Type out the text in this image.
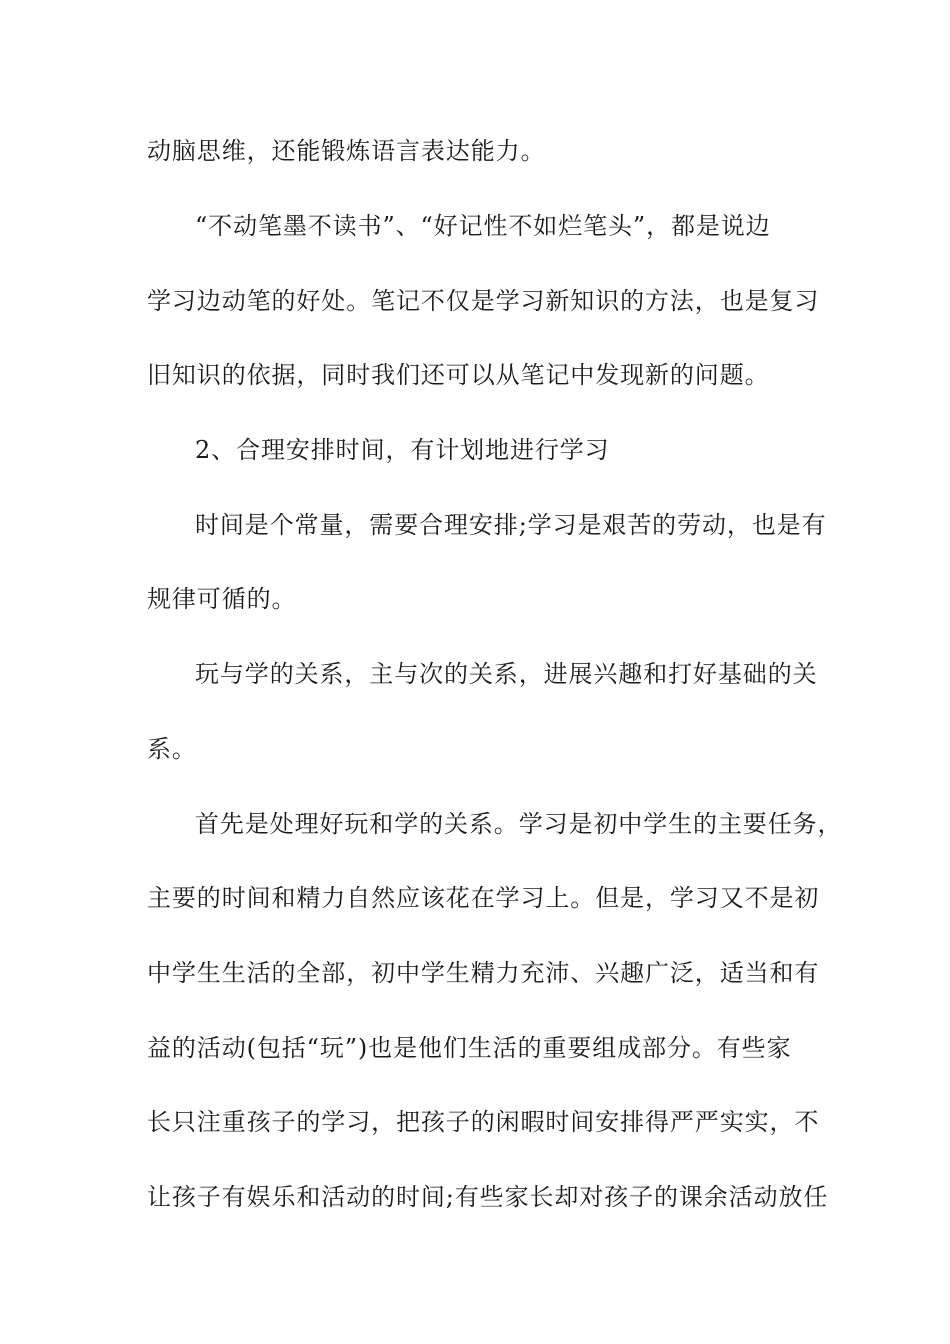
动脑思维，还能锻炼语言表达能力。
“不动笔墨不读书”、“好记性不如烂笔头”，都是说边
学习边动笔的好处。笔记不仅是学习新知识的方法，也是复习
旧知识的依据，同时我们还可以从笔记中发现新的问题。
2、合理安排时间，有计划地进行学习
时间是个常量，需要合理安排;学习是艰苦的劳动，也是有
规律可循的。
玩与学的关系，主与次的关系，进展兴趣和打好基础的关
系。
首先是处理好玩和学的关系。学习是初中学生的主要任务，
主要的时间和精力自然应该花在学习上。但是，学习又不是初
中学生生活的全部，初中学生精力充沛、兴趣广泛，适当和有
益的活动(包括“玩”)也是他们生活的重要组成部分。有些家
长只注重孩子的学习，把孩子的闲暇时间安排得严严实实，不
让孩子有娱乐和活动的时间;有些家长却对孩子的课余活动放任
